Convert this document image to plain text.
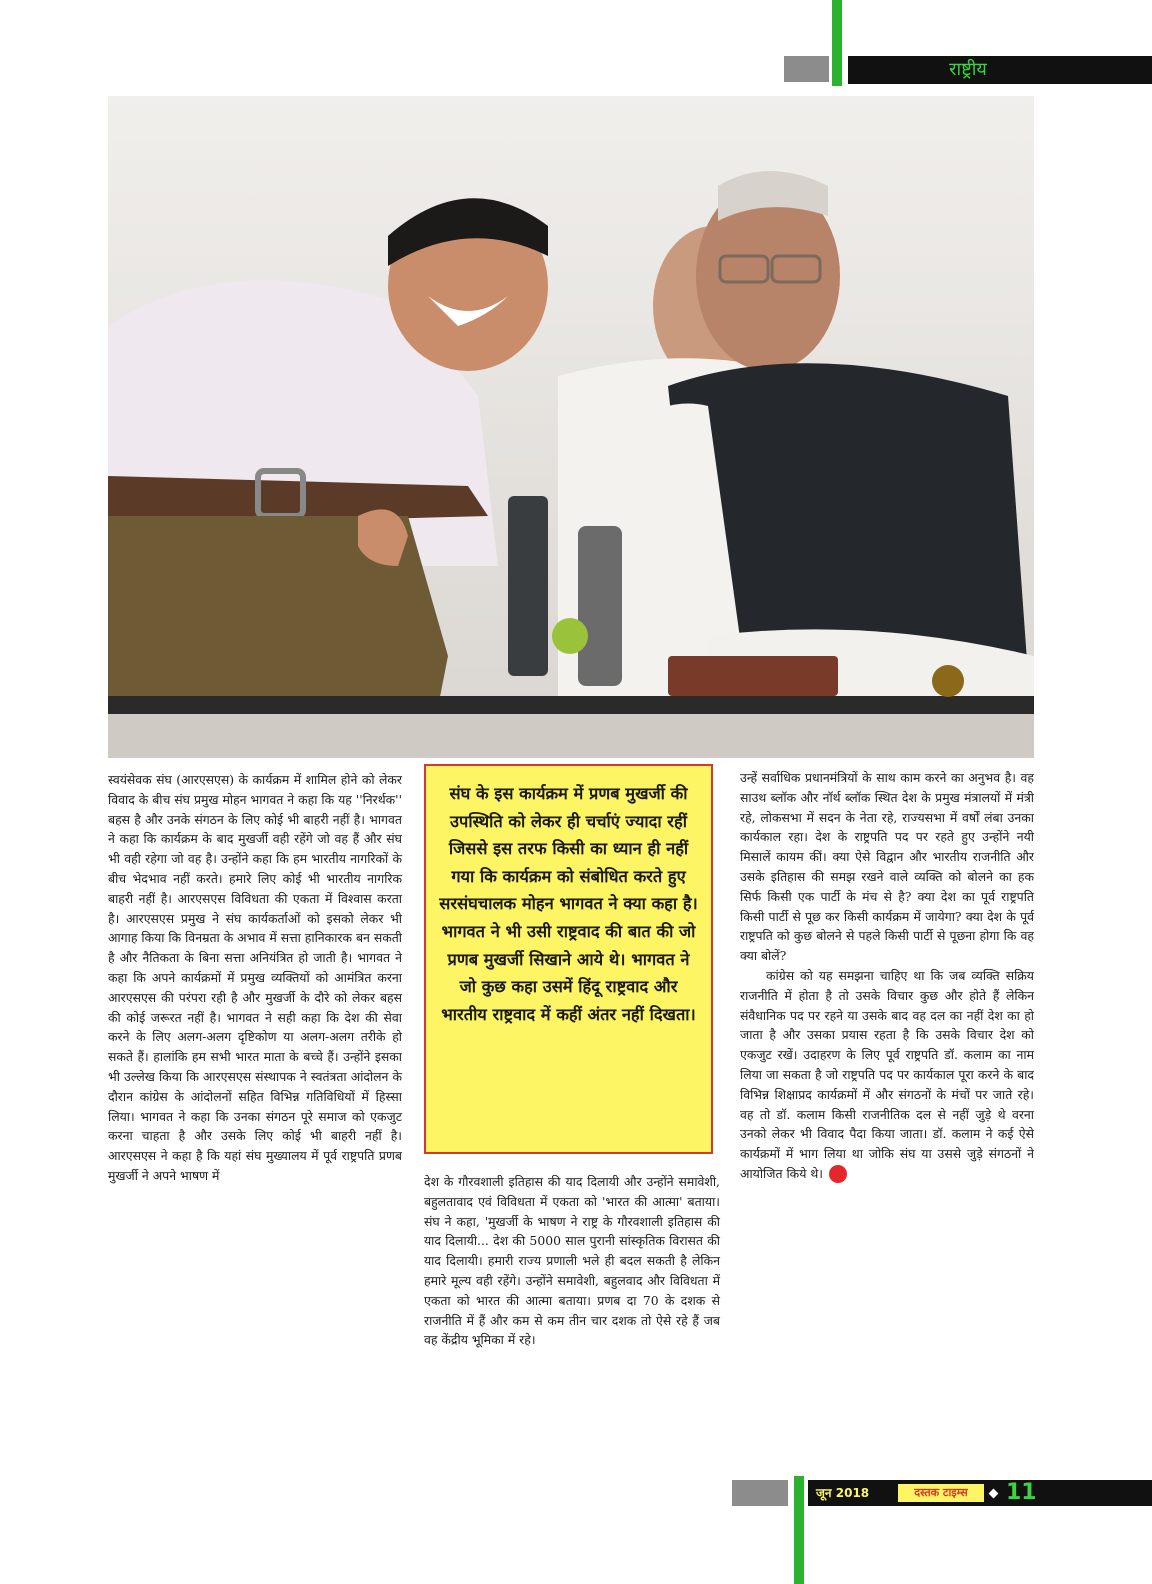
राष्ट्रीय

स्वयंसेवक संघ (आरएसएस) के कार्यक्रम में शामिल होने को लेकर विवाद के बीच संघ प्रमुख मोहन भागवत ने कहा कि यह ''निरर्थक'' बहस है और उनके संगठन के लिए कोई भी बाहरी नहीं है। भागवत ने कहा कि कार्यक्रम के बाद मुखर्जी वही रहेंगे जो वह हैं और संघ भी वही रहेगा जो वह है। उन्होंने कहा कि हम भारतीय नागरिकों के बीच भेदभाव नहीं करते। हमारे लिए कोई भी भारतीय नागरिक बाहरी नहीं है। आरएसएस विविधता की एकता में विश्वास करता है। आरएसएस प्रमुख ने संघ कार्यकर्ताओं को इसको लेकर भी आगाह किया कि विनम्रता के अभाव में सत्ता हानिकारक बन सकती है और नैतिकता के बिना सत्ता अनियंत्रित हो जाती है। भागवत ने कहा कि अपने कार्यक्रमों में प्रमुख व्यक्तियों को आमंत्रित करना आरएसएस की परंपरा रही है और मुखर्जी के दौरे को लेकर बहस की कोई जरूरत नहीं है। भागवत ने सही कहा कि देश की सेवा करने के लिए अलग-अलग दृष्टिकोण या अलग-अलग तरीके हो सकते हैं। हालांकि हम सभी भारत माता के बच्चे हैं। उन्होंने इसका भी उल्लेख किया कि आरएसएस संस्थापक ने स्वतंत्रता आंदोलन के दौरान कांग्रेस के आंदोलनों सहित विभिन्न गतिविधियों में हिस्सा लिया। भागवत ने कहा कि उनका संगठन पूरे समाज को एकजुट करना चाहता है और उसके लिए कोई भी बाहरी नहीं है। आरएसएस ने कहा है कि यहां संघ मुख्यालय में पूर्व राष्ट्रपति प्रणब मुखर्जी ने अपने भाषण में

संघ के इस कार्यक्रम में प्रणब मुखर्जी की उपस्थिति को लेकर ही चर्चाएं ज्यादा रहीं जिससे इस तरफ किसी का ध्यान ही नहीं गया कि कार्यक्रम को संबोधित करते हुए सरसंघचालक मोहन भागवत ने क्या कहा है। भागवत ने भी उसी राष्ट्रवाद की बात की जो प्रणब मुखर्जी सिखाने आये थे। भागवत ने जो कुछ कहा उसमें हिंदू राष्ट्रवाद और भारतीय राष्ट्रवाद में कहीं अंतर नहीं दिखता।

देश के गौरवशाली इतिहास की याद दिलायी और उन्होंने समावेशी, बहुलतावाद एवं विविधता में एकता को 'भारत की आत्मा' बताया। संघ ने कहा, 'मुखर्जी के भाषण ने राष्ट्र के गौरवशाली इतिहास की याद दिलायी... देश की 5000 साल पुरानी सांस्कृतिक विरासत की याद दिलायी। हमारी राज्य प्रणाली भले ही बदल सकती है लेकिन हमारे मूल्य वही रहेंगे। उन्होंने समावेशी, बहुलवाद और विविधता में एकता को भारत की आत्मा बताया। प्रणब दा 70 के दशक से राजनीति में हैं और कम से कम तीन चार दशक तो ऐसे रहे हैं जब वह केंद्रीय भूमिका में रहे।

उन्हें सर्वाधिक प्रधानमंत्रियों के साथ काम करने का अनुभव है। वह साउथ ब्लॉक और नॉर्थ ब्लॉक स्थित देश के प्रमुख मंत्रालयों में मंत्री रहे, लोकसभा में सदन के नेता रहे, राज्यसभा में वर्षों लंबा उनका कार्यकाल रहा। देश के राष्ट्रपति पद पर रहते हुए उन्होंने नयी मिसालें कायम कीं। क्या ऐसे विद्वान और भारतीय राजनीति और उसके इतिहास की समझ रखने वाले व्यक्ति को बोलने का हक सिर्फ किसी एक पार्टी के मंच से है? क्या देश का पूर्व राष्ट्रपति किसी पार्टी से पूछ कर किसी कार्यक्रम में जायेगा? क्या देश के पूर्व राष्ट्रपति को कुछ बोलने से पहले किसी पार्टी से पूछना होगा कि वह क्या बोलें?

कांग्रेस को यह समझना चाहिए था कि जब व्यक्ति सक्रिय राजनीति में होता है तो उसके विचार कुछ और होते हैं लेकिन संवैधानिक पद पर रहने या उसके बाद वह दल का नहीं देश का हो जाता है और उसका प्रयास रहता है कि उसके विचार देश को एकजुट रखें। उदाहरण के लिए पूर्व राष्ट्रपति डॉ. कलाम का नाम लिया जा सकता है जो राष्ट्रपति पद पर कार्यकाल पूरा करने के बाद विभिन्न शिक्षाप्रद कार्यक्रमों में और संगठनों के मंचों पर जाते रहे। वह तो डॉ. कलाम किसी राजनीतिक दल से नहीं जुड़े थे वरना उनको लेकर भी विवाद पैदा किया जाता। डॉ. कलाम ने कई ऐसे कार्यक्रमों में भाग लिया था जोकि संघ या उससे जुड़े संगठनों ने आयोजित किये थे।

जून 2018	दस्तक टाइम्स	11
